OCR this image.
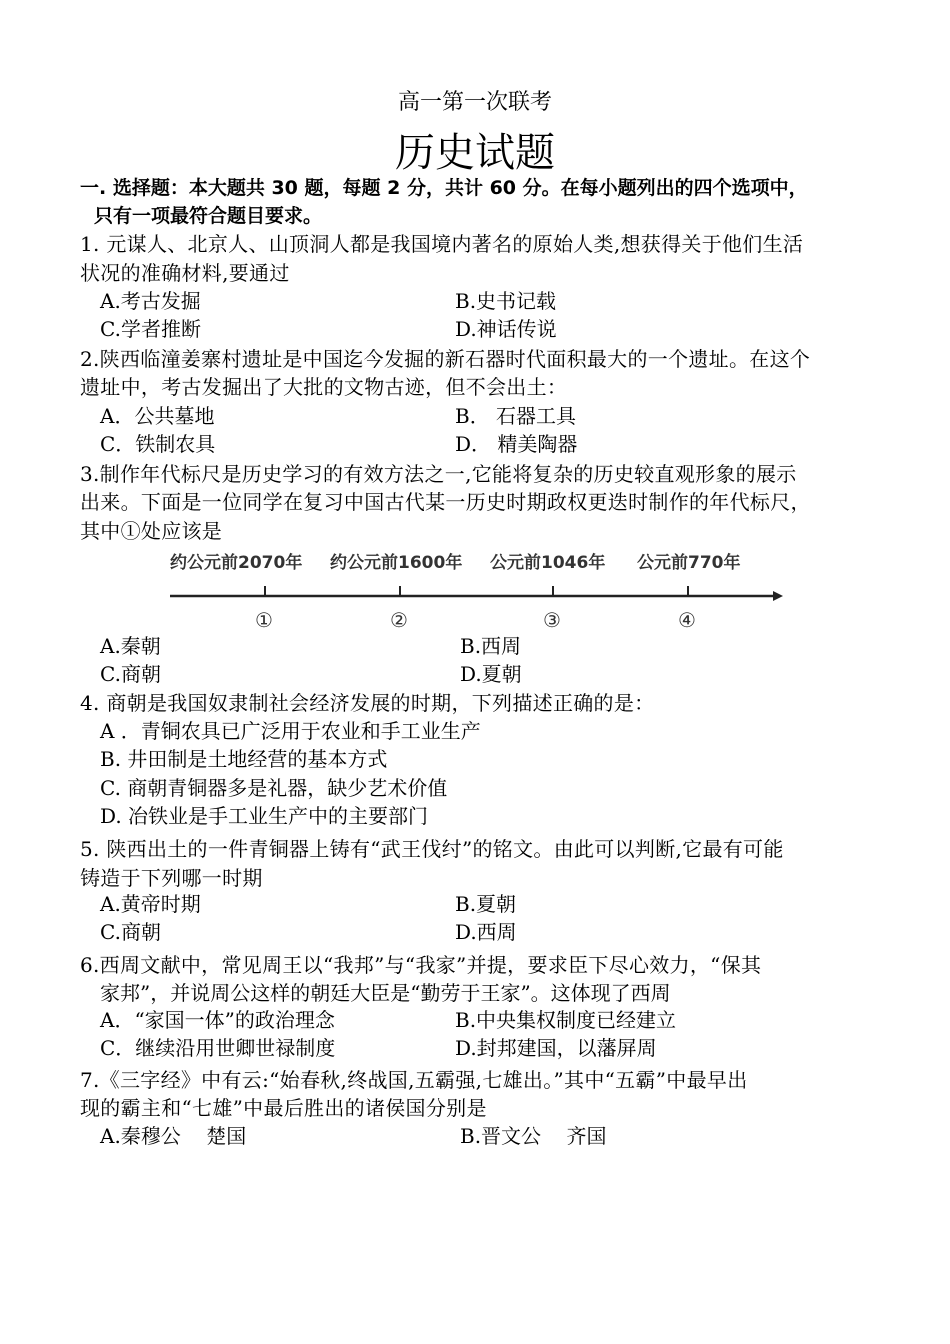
高一第一次联考
历史试题
一. 选择题：本大题共 30 题，每题 2 分，共计 60 分。在每小题列出的四个选项中，
只有一项最符合题目要求。
1. 元谋人、北京人、山顶洞人都是我国境内著名的原始人类,想获得关于他们生活
状况的准确材料,要通过
A.考古发掘	B.史书记载
C.学者推断	D.神话传说
2.陕西临潼姜寨村遗址是中国迄今发掘的新石器时代面积最大的一个遗址。在这个
遗址中，考古发掘出了大批的文物古迹，但不会出土：
A．公共墓地	B． 石器工具
C．铁制农具	D． 精美陶器
3.制作年代标尺是历史学习的有效方法之一,它能将复杂的历史较直观形象的展示
出来。下面是一位同学在复习中国古代某一历史时期政权更迭时制作的年代标尺，
其中①处应该是
约公元前2070年 约公元前1600年 公元前1046年 公元前770年
①	②	③	④
A.秦朝	B.西周
C.商朝	D.夏朝
4. 商朝是我国奴隶制社会经济发展的时期，下列描述正确的是：
A ．青铜农具已广泛用于农业和手工业生产
B. 井田制是土地经营的基本方式
C. 商朝青铜器多是礼器，缺少艺术价值
D. 冶铁业是手工业生产中的主要部门
5. 陕西出土的一件青铜器上铸有“武王伐纣”的铭文。由此可以判断,它最有可能
铸造于下列哪一时期
A.黄帝时期	B.夏朝
C.商朝	D.西周
6.西周文献中，常见周王以“我邦”与“我家”并提，要求臣下尽心效力，“保其
家邦”，并说周公这样的朝廷大臣是“勤劳于王家”。这体现了西周
A．“家国一体”的政治理念	B.中央集权制度已经建立
C．继续沿用世卿世禄制度	D.封邦建国，以藩屏周
7.《三字经》中有云:“始春秋,终战国,五霸强,七雄出。”其中“五霸”中最早出
现的霸主和“七雄”中最后胜出的诸侯国分别是
A.秦穆公    楚国	B.晋文公    齐国
